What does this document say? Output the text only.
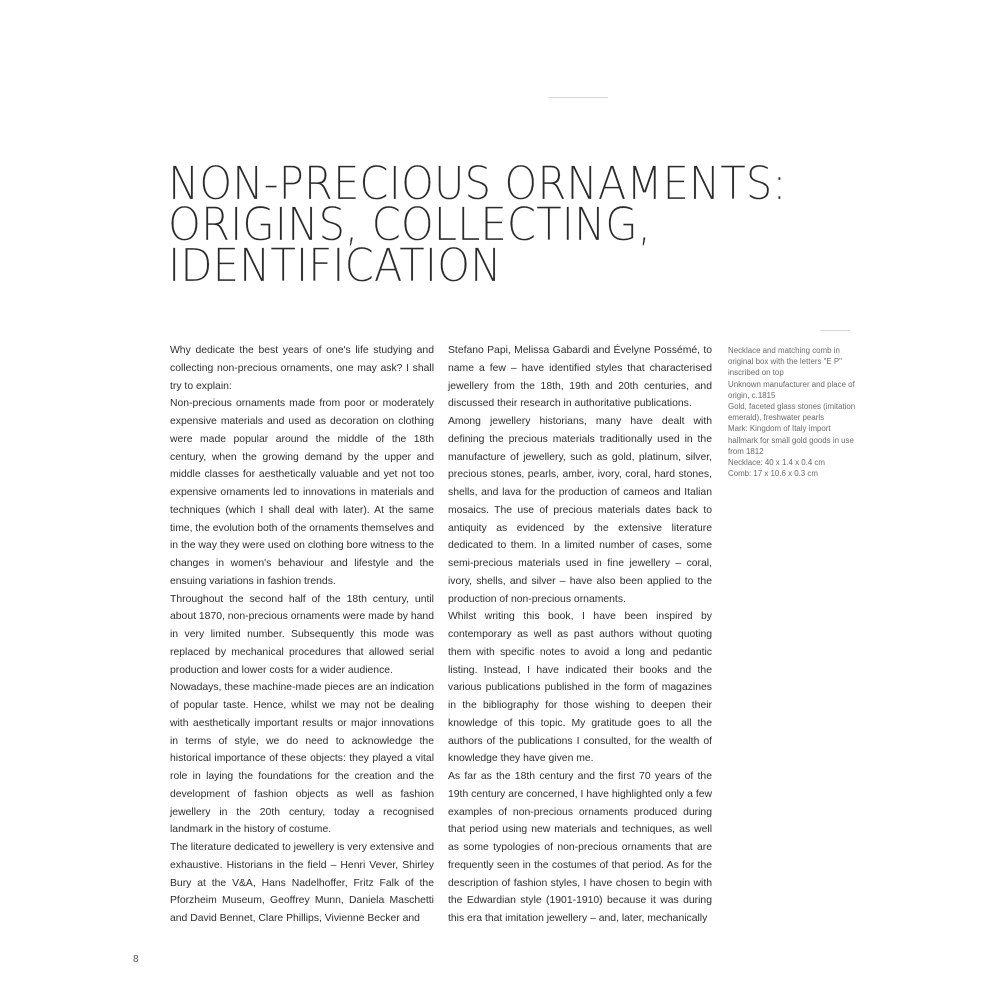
NON-PRECIOUS ORNAMENTS:
ORIGINS, COLLECTING,
IDENTIFICATION

Why dedicate the best years of one's life studying and collecting non-precious ornaments, one may ask? I shall try to explain:

Non-precious ornaments made from poor or moderately expensive materials and used as decoration on clothing were made popular around the middle of the 18th century, when the growing demand by the upper and middle classes for aesthetically valuable and yet not too expensive ornaments led to innovations in materials and techniques (which I shall deal with later). At the same time, the evolution both of the ornaments themselves and in the way they were used on clothing bore witness to the changes in women's behaviour and lifestyle and the ensuing variations in fashion trends.

Throughout the second half of the 18th century, until about 1870, non-precious ornaments were made by hand in very limited number. Subsequently this mode was replaced by mechanical procedures that allowed serial production and lower costs for a wider audience.

Nowadays, these machine-made pieces are an indication of popular taste. Hence, whilst we may not be dealing with aesthetically important results or major innovations in terms of style, we do need to acknowledge the historical importance of these objects: they played a vital role in laying the foundations for the creation and the development of fashion objects as well as fashion jewellery in the 20th century, today a recognised landmark in the history of costume.

The literature dedicated to jewellery is very extensive and exhaustive. Historians in the field – Henri Vever, Shirley Bury at the V&A, Hans Nadelhoffer, Fritz Falk of the Pforzheim Museum, Geoffrey Munn, Daniela Maschetti and David Bennet, Clare Phillips, Vivienne Becker and

Stefano Papi, Melissa Gabardi and Évelyne Possémé, to name a few – have identified styles that characterised jewellery from the 18th, 19th and 20th centuries, and discussed their research in authoritative publications.

Among jewellery historians, many have dealt with defining the precious materials traditionally used in the manufacture of jewellery, such as gold, platinum, silver, precious stones, pearls, amber, ivory, coral, hard stones, shells, and lava for the production of cameos and Italian mosaics. The use of precious materials dates back to antiquity as evidenced by the extensive literature dedicated to them. In a limited number of cases, some semi-precious materials used in fine jewellery – coral, ivory, shells, and silver – have also been applied to the production of non-precious ornaments.

Whilst writing this book, I have been inspired by contemporary as well as past authors without quoting them with specific notes to avoid a long and pedantic listing. Instead, I have indicated their books and the various publications published in the form of magazines in the bibliography for those wishing to deepen their knowledge of this topic. My gratitude goes to all the authors of the publications I consulted, for the wealth of knowledge they have given me.

As far as the 18th century and the first 70 years of the 19th century are concerned, I have highlighted only a few examples of non-precious ornaments produced during that period using new materials and techniques, as well as some typologies of non-precious ornaments that are frequently seen in the costumes of that period. As for the description of fashion styles, I have chosen to begin with the Edwardian style (1901-1910) because it was during this era that imitation jewellery – and, later, mechanically

Necklace and matching comb in original box with the letters "E P" inscribed on top
Unknown manufacturer and place of origin, c.1815
Gold, faceted glass stones (imitation emerald), freshwater pearls
Mark: Kingdom of Italy import hallmark for small gold goods in use from 1812
Necklace: 40 x 1.4 x 0.4 cm
Comb: 17 x 10.6 x 0.3 cm
8
